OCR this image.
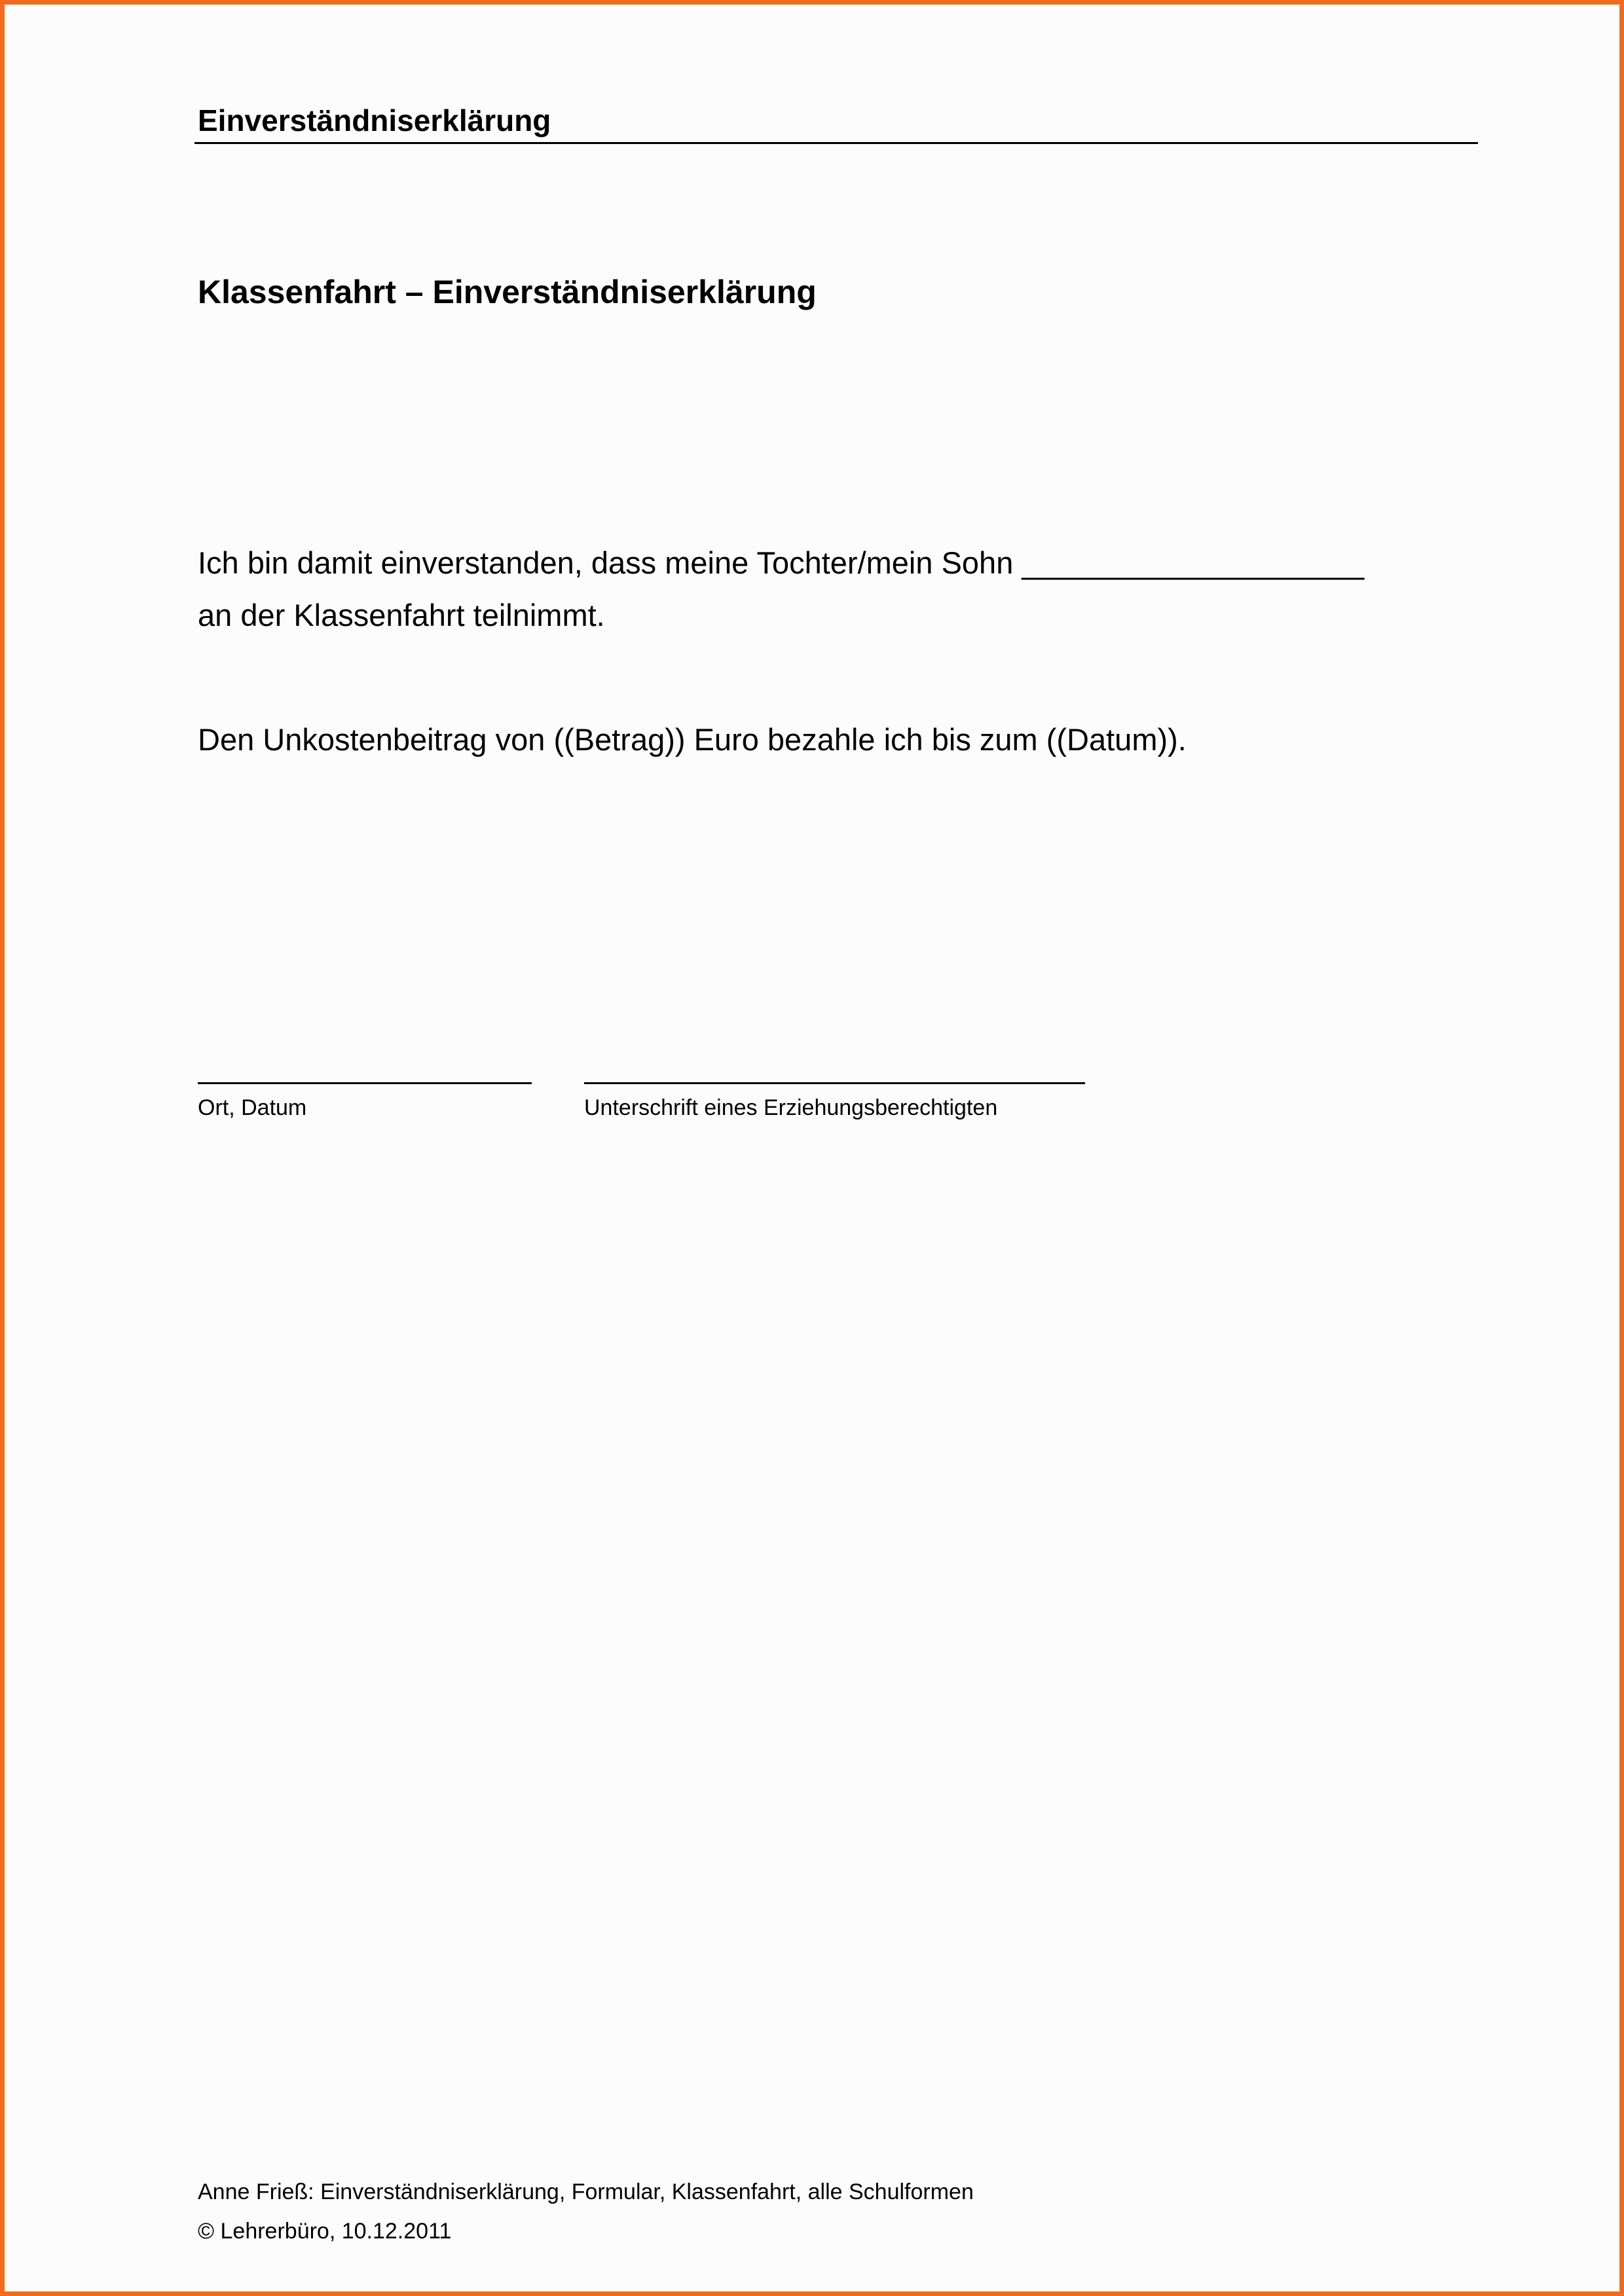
Einverständniserklärung
Klassenfahrt – Einverständniserklärung
Ich bin damit einverstanden, dass meine Tochter/mein Sohn ____________________
an der Klassenfahrt teilnimmt.
Den Unkostenbeitrag von ((Betrag)) Euro bezahle ich bis zum ((Datum)).
Ort, Datum	Unterschrift eines Erziehungsberechtigten
Anne Frieß: Einverständniserklärung, Formular, Klassenfahrt, alle Schulformen
© Lehrerbüro, 10.12.2011
